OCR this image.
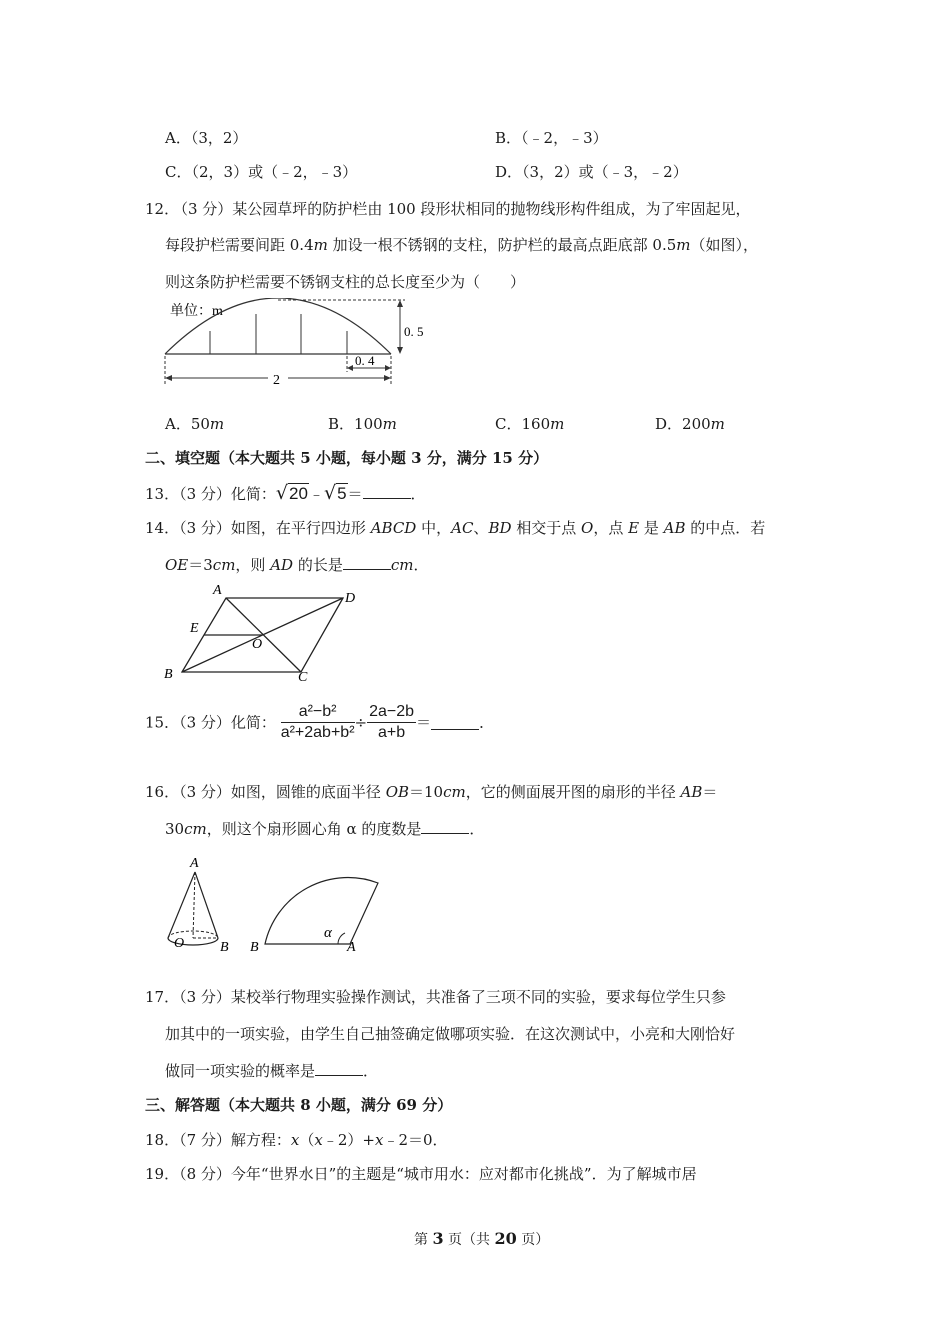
A．（3，2）	B．（﹣2，﹣3）
C．（2，3）或（﹣2，﹣3）	D．（3，2）或（﹣3，﹣2）
12．
（3 分）某公园草坪的防护栏由 100 段形状相同的抛物线形构件组成，为了牢固起见，
每段护栏需要间距 0.4m 加设一根不锈钢的支柱，防护栏的最高点距底部 0.5m（如图），
则这条防护栏需要不锈钢支柱的总长度至少为（　　）
单位：m
0. 5
0. 4
2
A．50m	B．100m	C．160m	D．200m
二、填空题（本大题共 5 小题，每小题 3 分，满分 15 分）
13．（3 分）化简：√20﹣√5＝	．
14．（3 分）如图，在平行四边形 ABCD 中，AC、BD 相交于点 O，点 E 是 AB 的中点．若
OE＝3cm，则 AD 的长是	cm．
A
D
E
O
B	C
15．（3 分）化简： $\frac{\text{a²−b²}}{\text{a²+2ab+b²}} \div \frac{2a-2b}{a+b}$ ＝	．
16．（3 分）如图，圆锥的底面半径 OB＝10cm，它的侧面展开图的扇形的半径 AB＝
30cm，则这个扇形圆心角 α 的度数是	．
A
O	B B	A
α
17．（3 分）某校举行物理实验操作测试，共准备了三项不同的实验，要求每位学生只参
加其中的一项实验，由学生自己抽签确定做哪项实验．在这次测试中，小亮和大刚恰好
做同一项实验的概率是	．
三、解答题（本大题共 8 小题，满分 69 分）
18．（7 分）解方程：x（x﹣2）+x﹣2＝0．
19．（8 分）今年“世界水日”的主题是“城市用水：应对都市化挑战”．为了解城市居
第 3 页（共 20 页）
